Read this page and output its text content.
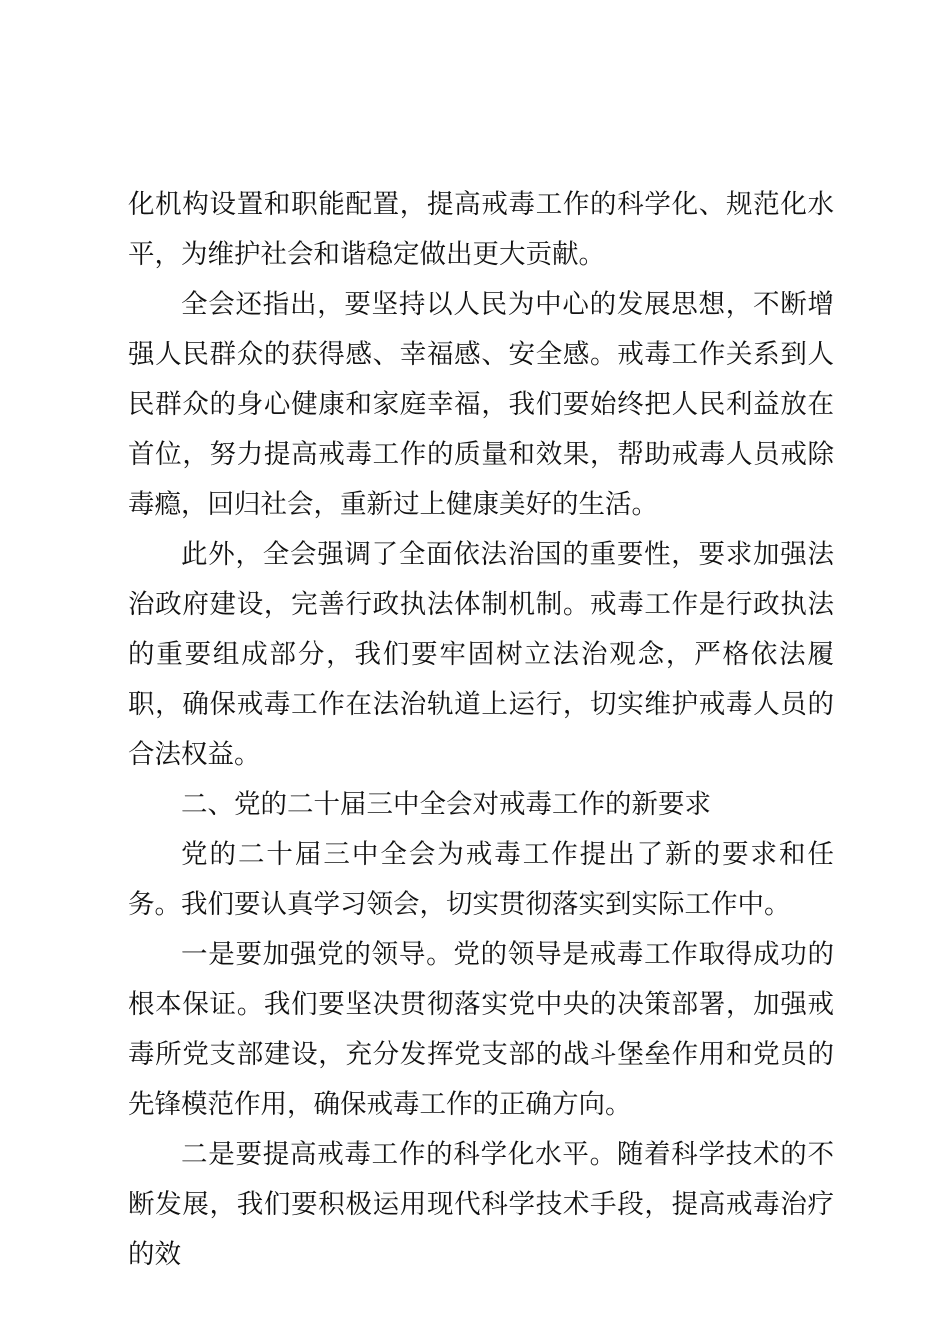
化机构设置和职能配置，提高戒毒工作的科学化、规范化水平，为维护社会和谐稳定做出更大贡献。

全会还指出，要坚持以人民为中心的发展思想，不断增强人民群众的获得感、幸福感、安全感。戒毒工作关系到人民群众的身心健康和家庭幸福，我们要始终把人民利益放在首位，努力提高戒毒工作的质量和效果，帮助戒毒人员戒除毒瘾，回归社会，重新过上健康美好的生活。

此外，全会强调了全面依法治国的重要性，要求加强法治政府建设，完善行政执法体制机制。戒毒工作是行政执法的重要组成部分，我们要牢固树立法治观念，严格依法履职，确保戒毒工作在法治轨道上运行，切实维护戒毒人员的合法权益。

二、党的二十届三中全会对戒毒工作的新要求

党的二十届三中全会为戒毒工作提出了新的要求和任务。我们要认真学习领会，切实贯彻落实到实际工作中。

一是要加强党的领导。党的领导是戒毒工作取得成功的根本保证。我们要坚决贯彻落实党中央的决策部署，加强戒毒所党支部建设，充分发挥党支部的战斗堡垒作用和党员的先锋模范作用，确保戒毒工作的正确方向。

二是要提高戒毒工作的科学化水平。随着科学技术的不断发展，我们要积极运用现代科学技术手段，提高戒毒治疗的效
